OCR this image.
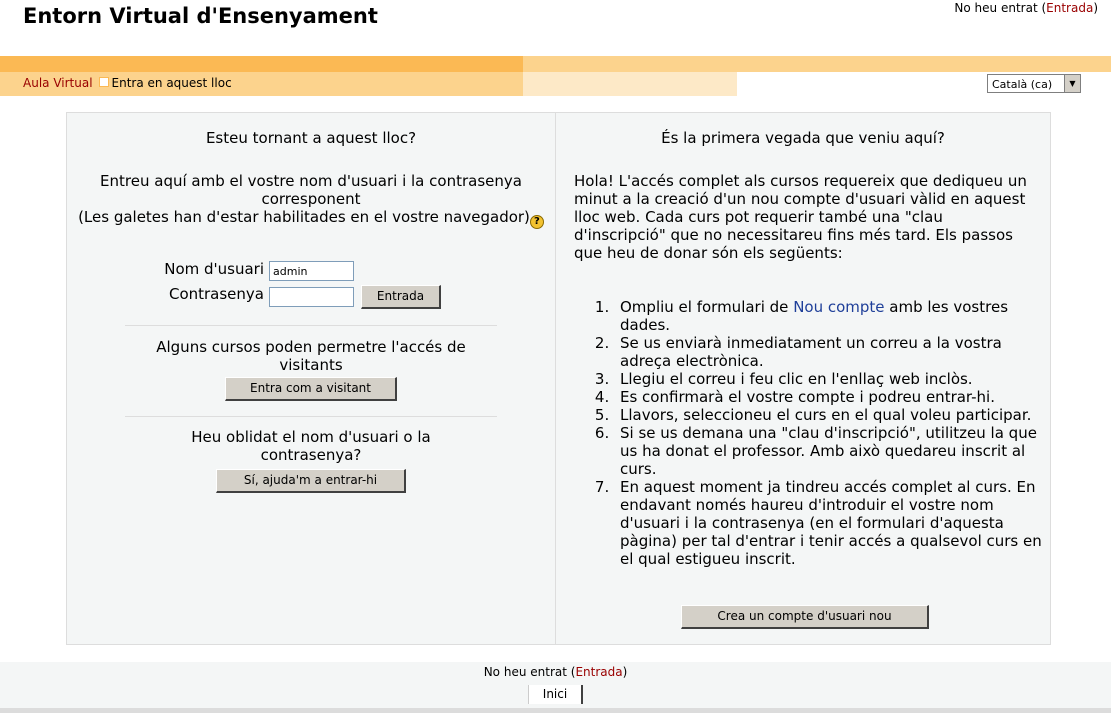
Entorn Virtual d'Ensenyament	No heu entrat (Entrada)
Aula Virtual Entra en aquest lloc	Català (ca)	▼
Esteu tornant a aquest lloc?
Entreu aquí amb el vostre nom d'usuari i la contrasenya corresponent
(Les galetes han d'estar habilitades en el vostre navegador) ?
Nom d'usuari
admin
Contrasenya	Entrada
Alguns cursos poden permetre l'accés de visitants
Entra com a visitant
Heu oblidat el nom d'usuari o la contrasenya?
Sí, ajuda'm a entrar-hi
És la primera vegada que veniu aquí?
Hola! L'accés complet als cursos requereix que dediqueu un minut a la creació d'un nou compte d'usuari vàlid en aquest lloc web. Cada curs pot requerir també una "clau d'inscripció" que no necessitareu fins més tard. Els passos que heu de donar són els següents:
1. Ompliu el formulari de Nou compte amb les vostres dades.
2. Se us enviarà inmediatament un correu a la vostra adreça electrònica.
3. Llegiu el correu i feu clic en l'enllaç web inclòs.
4. Es confirmarà el vostre compte i podreu entrar-hi.
5. Llavors, seleccioneu el curs en el qual voleu participar.
6. Si se us demana una "clau d'inscripció", utilitzeu la que us ha donat el professor. Amb això quedareu inscrit al curs.
7. En aquest moment ja tindreu accés complet al curs. En endavant només haureu d'introduir el vostre nom d'usuari i la contrasenya (en el formulari d'aquesta pàgina) per tal d'entrar i tenir accés a qualsevol curs en el qual estigueu inscrit.
Crea un compte d'usuari nou
No heu entrat (Entrada)
Inici
